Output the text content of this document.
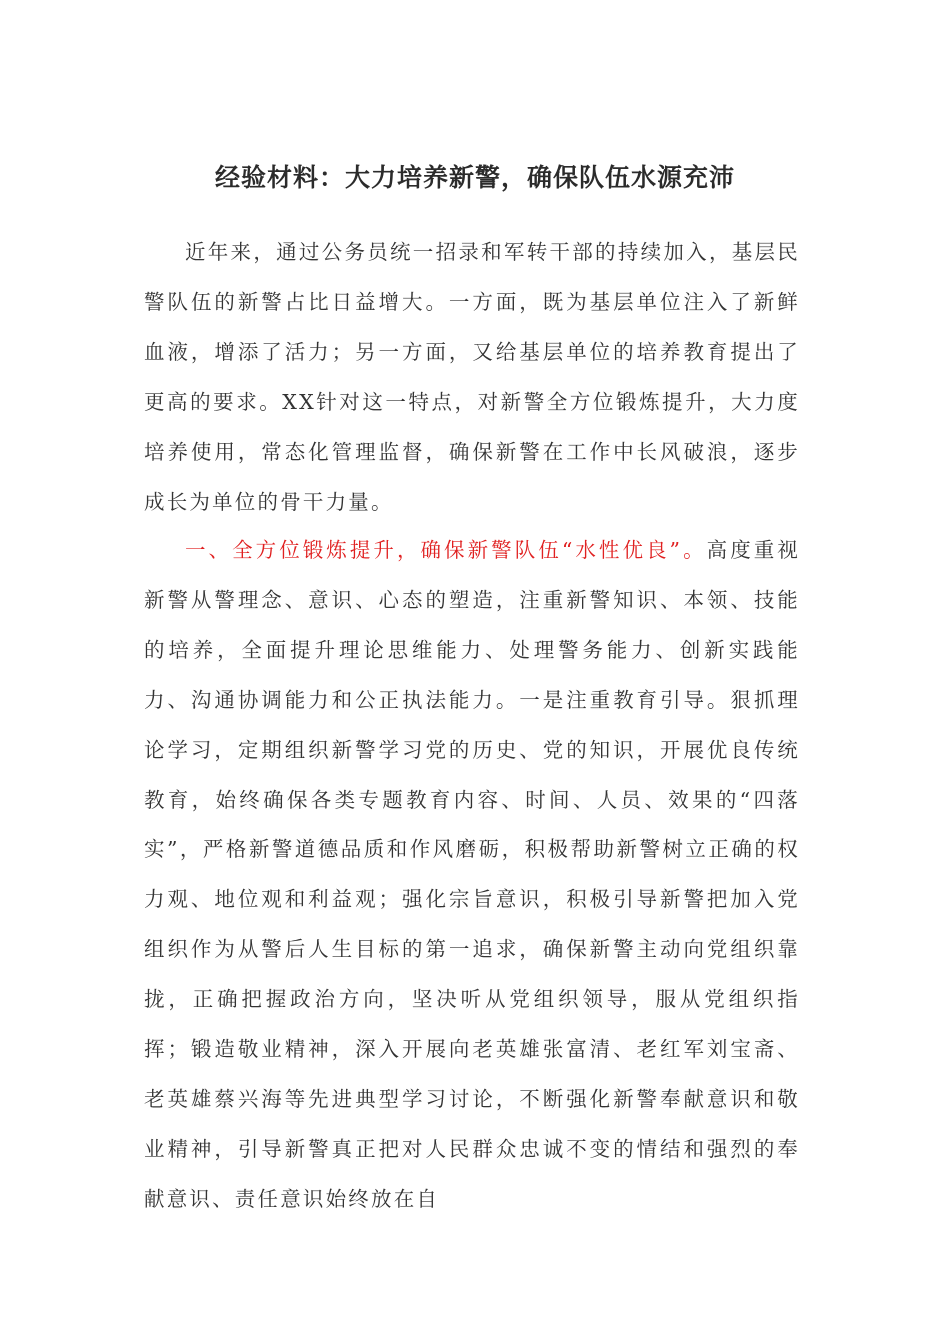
经验材料：大力培养新警，确保队伍水源充沛

近年来，通过公务员统一招录和军转干部的持续加入，基层民警队伍的新警占比日益增大。一方面，既为基层单位注入了新鲜血液，增添了活力；另一方面，又给基层单位的培养教育提出了更高的要求。XX针对这一特点，对新警全方位锻炼提升，大力度培养使用，常态化管理监督，确保新警在工作中长风破浪，逐步成长为单位的骨干力量。

一、全方位锻炼提升，确保新警队伍“水性优良”。高度重视新警从警理念、意识、心态的塑造，注重新警知识、本领、技能的培养，全面提升理论思维能力、处理警务能力、创新实践能力、沟通协调能力和公正执法能力。一是注重教育引导。狠抓理论学习，定期组织新警学习党的历史、党的知识，开展优良传统教育，始终确保各类专题教育内容、时间、人员、效果的“四落实”，严格新警道德品质和作风磨砺，积极帮助新警树立正确的权力观、地位观和利益观；强化宗旨意识，积极引导新警把加入党组织作为从警后人生目标的第一追求，确保新警主动向党组织靠拢，正确把握政治方向，坚决听从党组织领导，服从党组织指挥；锻造敬业精神，深入开展向老英雄张富清、老红军刘宝斋、老英雄蔡兴海等先进典型学习讨论，不断强化新警奉献意识和敬业精神，引导新警真正把对人民群众忠诚不变的情结和强烈的奉献意识、责任意识始终放在自
